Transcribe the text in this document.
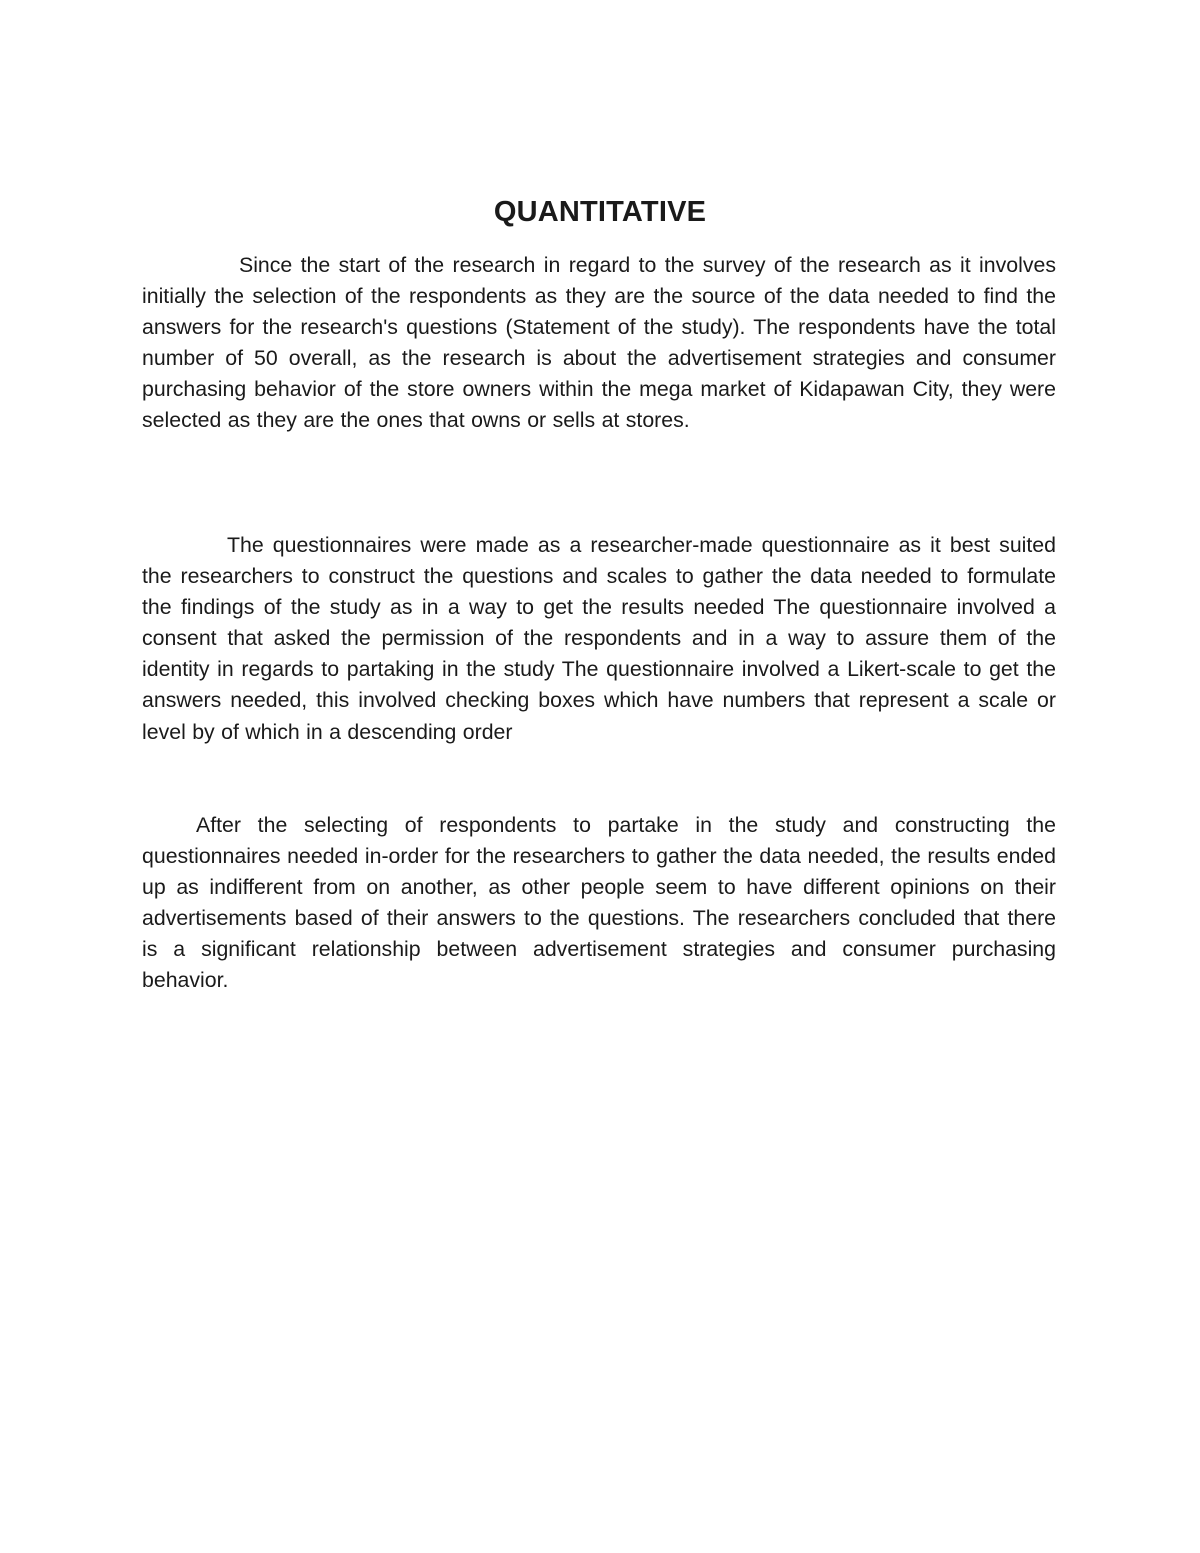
QUANTITATIVE

Since the start of the research in regard to the survey of the research as it involves initially the selection of the respondents as they are the source of the data needed to find the answers for the research's questions (Statement of the study). The respondents have the total number of 50 overall, as the research is about the advertisement strategies and consumer purchasing behavior of the store owners within the mega market of Kidapawan City, they were selected as they are the ones that owns or sells at stores.

The questionnaires were made as a researcher-made questionnaire as it best suited the researchers to construct the questions and scales to gather the data needed to formulate the findings of the study as in a way to get the results needed The questionnaire involved a consent that asked the permission of the respondents and in a way to assure them of the identity in regards to partaking in the study The questionnaire involved a Likert-scale to get the answers needed, this involved checking boxes which have numbers that represent a scale or level by of which in a descending order

After the selecting of respondents to partake in the study and constructing the questionnaires needed in-order for the researchers to gather the data needed, the results ended up as indifferent from on another, as other people seem to have different opinions on their advertisements based of their answers to the questions. The researchers concluded that there is a significant relationship between advertisement strategies and consumer purchasing behavior.
